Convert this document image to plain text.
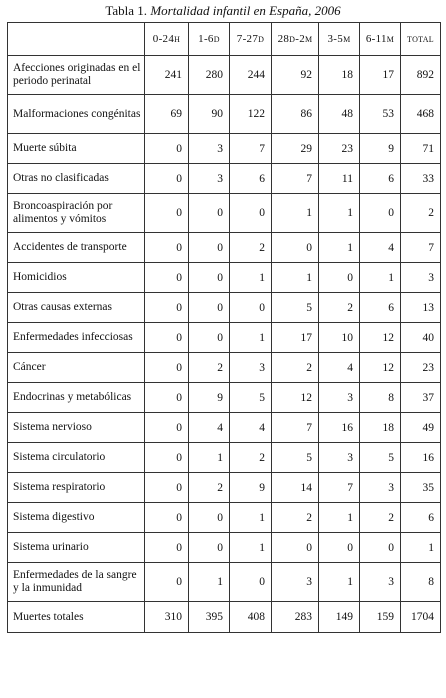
Tabla 1. Mortalidad infantil en España, 2006
	0-24h	1-6d	7-27d	28d-2m	3-5m	6-11m	total
Afecciones originadas en el periodo perinatal	241	280	244	92	18	17	892
Malformaciones congénitas	69	90	122	86	48	53	468
Muerte súbita	0	3	7	29	23	9	71
Otras no clasificadas	0	3	6	7	11	6	33
Broncoaspiración por alimentos y vómitos	0	0	0	1	1	0	2
Accidentes de transporte	0	0	2	0	1	4	7
Homicidios	0	0	1	1	0	1	3
Otras causas externas	0	0	0	5	2	6	13
Enfermedades infecciosas	0	0	1	17	10	12	40
Cáncer	0	2	3	2	4	12	23
Endocrinas y metabólicas	0	9	5	12	3	8	37
Sistema nervioso	0	4	4	7	16	18	49
Sistema circulatorio	0	1	2	5	3	5	16
Sistema respiratorio	0	2	9	14	7	3	35
Sistema digestivo	0	0	1	2	1	2	6
Sistema urinario	0	0	1	0	0	0	1
Enfermedades de la sangre y la inmunidad	0	1	0	3	1	3	8
Muertes totales	310	395	408	283	149	159	1704
